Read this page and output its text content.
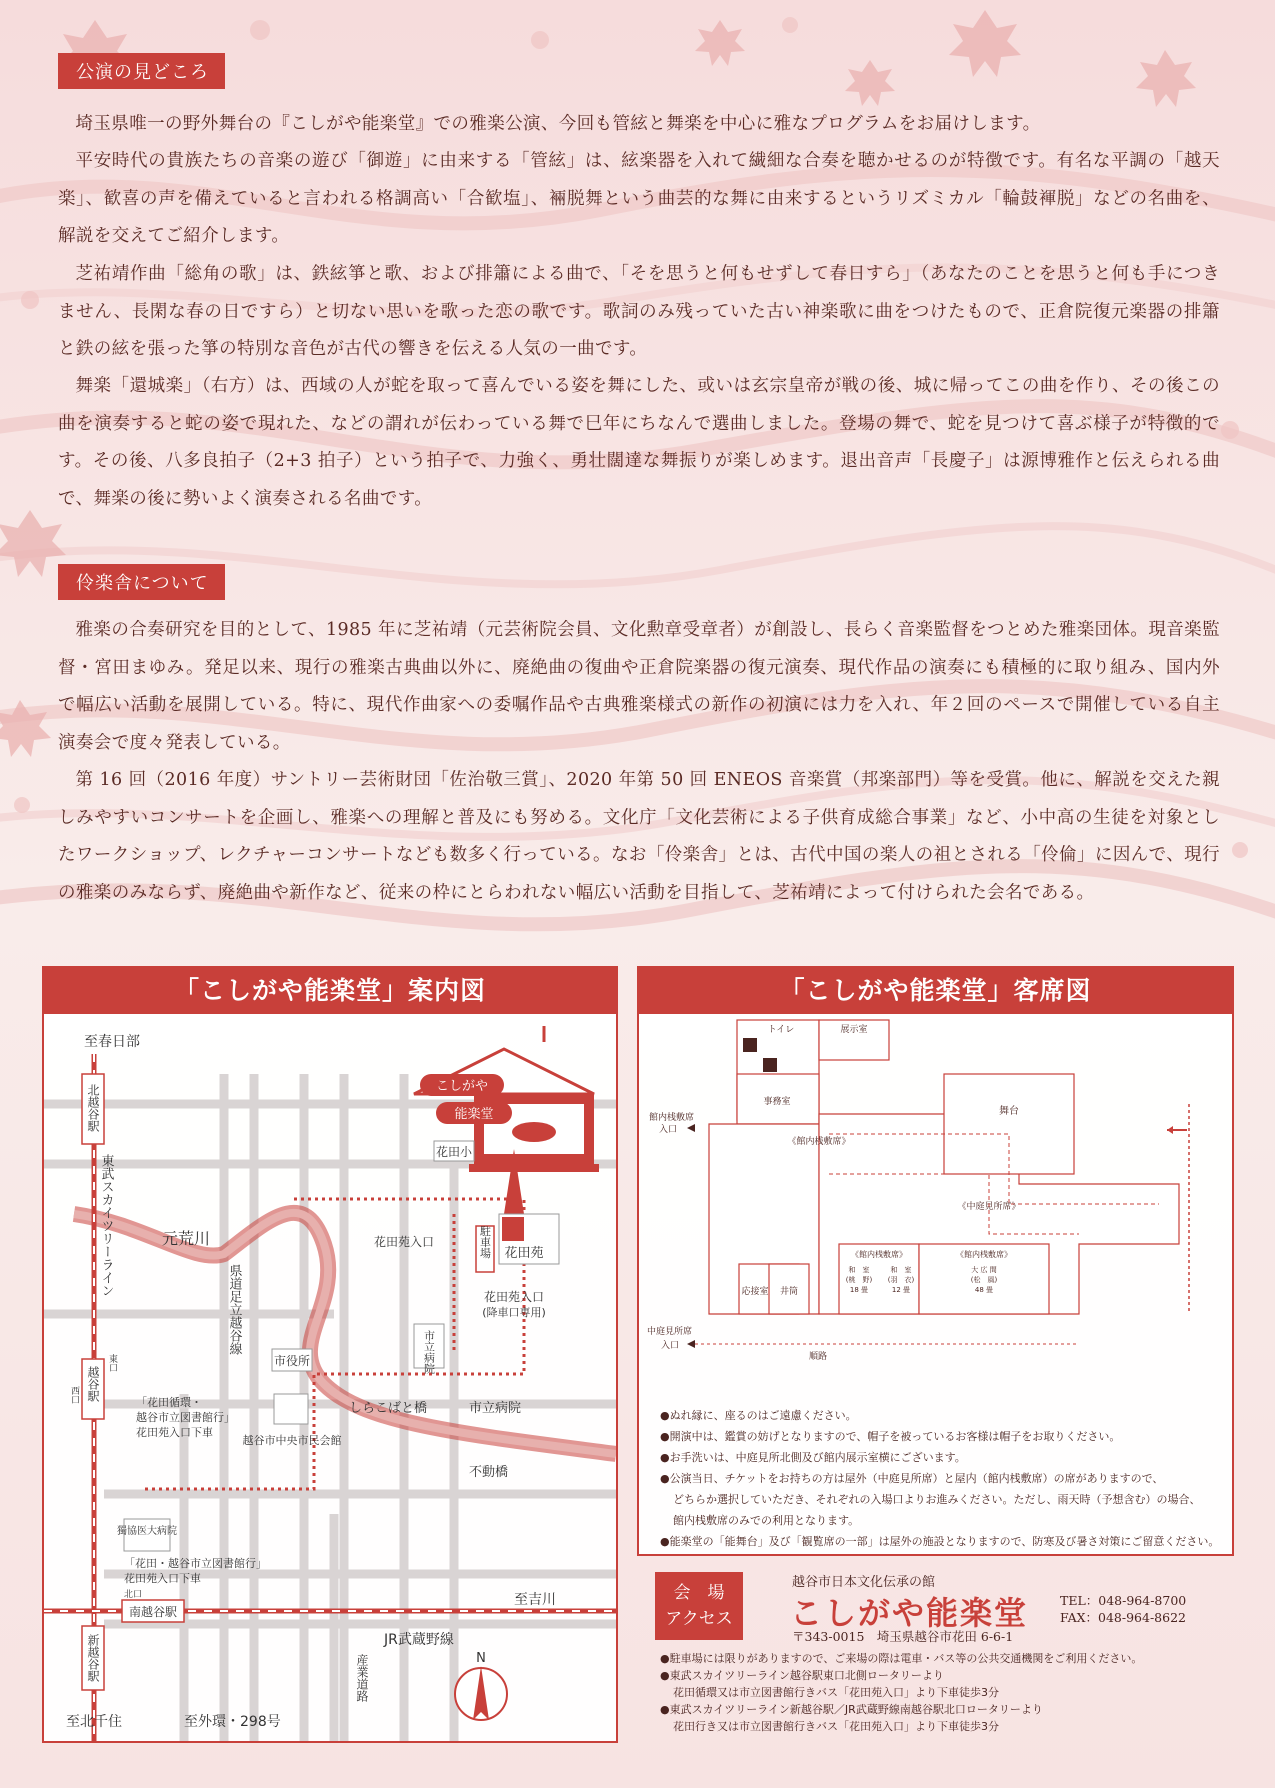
公演の見どころ
埼玉県唯一の野外舞台の『こしがや能楽堂』での雅楽公演、今回も管絃と舞楽を中心に雅なプログラムをお届けします。
平安時代の貴族たちの音楽の遊び「御遊」に由来する「管絃」は、絃楽器を入れて繊細な合奏を聴かせるのが特徴です。有名な平調の「越天楽」、歓喜の声を備えていると言われる格調高い「合歓塩」、裲脱舞という曲芸的な舞に由来するというリズミカル「輪鼓褌脱」などの名曲を、解説を交えてご紹介します。
芝祐靖作曲「総角の歌」は、鉄絃箏と歌、および排簫による曲で、「そを思うと何もせずして春日すら」（あなたのことを思うと何も手につきません、長閑な春の日ですら）と切ない思いを歌った恋の歌です。歌詞のみ残っていた古い神楽歌に曲をつけたもので、正倉院復元楽器の排簫と鉄の絃を張った箏の特別な音色が古代の響きを伝える人気の一曲です。
舞楽「還城楽」（右方）は、西域の人が蛇を取って喜んでいる姿を舞にした、或いは玄宗皇帝が戦の後、城に帰ってこの曲を作り、その後この曲を演奏すると蛇の姿で現れた、などの謂れが伝わっている舞で巳年にちなんで選曲しました。登場の舞で、蛇を見つけて喜ぶ様子が特徴的です。その後、八多良拍子（2+3 拍子）という拍子で、力強く、勇壮闊達な舞振りが楽しめます。退出音声「長慶子」は源博雅作と伝えられる曲で、舞楽の後に勢いよく演奏される名曲です。
伶楽舎について
雅楽の合奏研究を目的として、1985 年に芝祐靖（元芸術院会員、文化勲章受章者）が創設し、長らく音楽監督をつとめた雅楽団体。現音楽監督・宮田まゆみ。発足以来、現行の雅楽古典曲以外に、廃絶曲の復曲や正倉院楽器の復元演奏、現代作品の演奏にも積極的に取り組み、国内外で幅広い活動を展開している。特に、現代作曲家への委嘱作品や古典雅楽様式の新作の初演には力を入れ、年２回のペースで開催している自主演奏会で度々発表している。
第 16 回（2016 年度）サントリー芸術財団「佐治敬三賞」、2020 年第 50 回 ENEOS 音楽賞（邦楽部門）等を受賞。他に、解説を交えた親しみやすいコンサートを企画し、雅楽への理解と普及にも努める。文化庁「文化芸術による子供育成総合事業」など、小中高の生徒を対象としたワークショップ、レクチャーコンサートなども数多く行っている。なお「伶楽舎」とは、古代中国の楽人の祖とされる「伶倫」に因んで、現行の雅楽のみならず、廃絶曲や新作など、従来の枠にとらわれない幅広い活動を目指して、芝祐靖によって付けられた会名である。
「こしがや能楽堂」案内図
こしがや
能楽堂
花田小
駐車場 花田苑
花田苑入口
花田苑入口
(降車口専用)
至春日部
北越谷駅
東武スカイツリーライン	元荒川
県道足立越谷線
市役所	市立病院
市立病院
越谷駅
西口
東口
「花田循環・
越谷市立図書館行」
花田苑入口下車
越谷市中央市民会館
しらこばと橋
不動橋
獨協医大病院
「花田・越谷市立図書館行」
花田苑入口下車
北口
南越谷駅
至吉川
新越谷駅	JR武蔵野線
産業道路	N
至北千住	至外環・298号
「こしがや能楽堂」客席図
トイレ	展示室
事務室
舞台
館内桟敷席
入口
《館内桟敷席》
《中庭見所席》
《館内桟敷席》	《館内桟敷席》
和　室
(桃　野)
18 畳
和　室
(羽　衣)
12 畳
大 広 間
(松　風)
48 畳
応接室 井筒
中庭見所席
入口
順路
●ぬれ縁に、座るのはご遠慮ください。
●開演中は、鑑賞の妨げとなりますので、帽子を被っているお客様は帽子をお取りください。
●お手洗いは、中庭見所北側及び館内展示室横にございます。
●公演当日、チケットをお持ちの方は屋外（中庭見所席）と屋内（館内桟敷席）の席がありますので、
どちらか選択していただき、それぞれの入場口よりお進みください。ただし、雨天時（予想含む）の場合、
館内桟敷席のみでの利用となります。
●能楽堂の「能舞台」及び「観覧席の一部」は屋外の施設となりますので、防寒及び暑さ対策にご留意ください。
会　場
アクセス
越谷市日本文化伝承の館
こしがや能楽堂	TEL：048-964-8700
FAX：048-964-8622
〒343-0015　埼玉県越谷市花田 6-6-1
●駐車場には限りがありますので、ご来場の際は電車・バス等の公共交通機関をご利用ください。
●東武スカイツリーライン越谷駅東口北側ロータリーより
花田循環又は市立図書館行きバス「花田苑入口」より下車徒歩3分
●東武スカイツリーライン新越谷駅／JR武蔵野線南越谷駅北口ロータリーより
花田行き又は市立図書館行きバス「花田苑入口」より下車徒歩3分
